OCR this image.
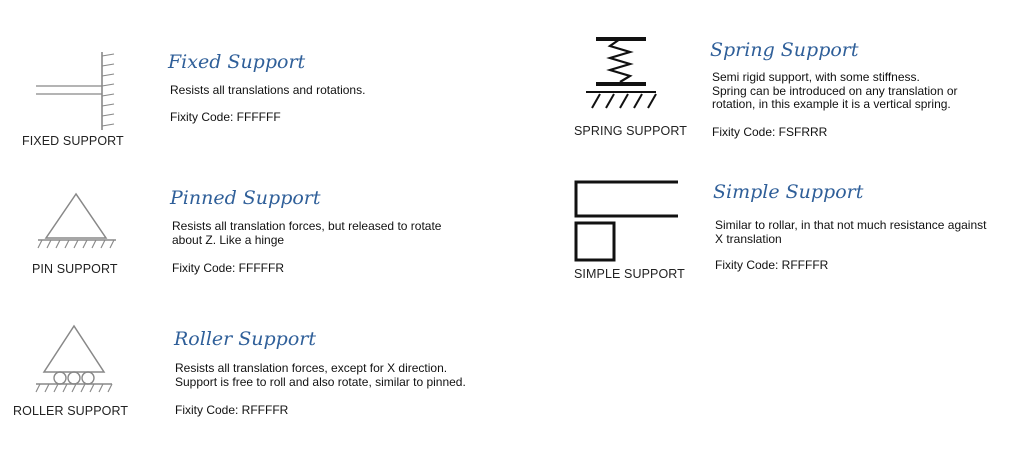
FIXED SUPPORT
Fixed Support
Resists all translations and rotations.
Fixity Code: FFFFFF
PIN SUPPORT
Pinned Support
Resists all translation forces, but released to rotate
about Z. Like a hinge
Fixity Code: FFFFFR
ROLLER SUPPORT
Roller Support
Resists all translation forces, except for X direction.
Support is free to roll and also rotate, similar to pinned.
Fixity Code: RFFFFR
SPRING SUPPORT
Spring Support
Semi rigid support, with some stiffness.
Spring can be introduced on any translation or
rotation, in this example it is a vertical spring.
Fixity Code: FSFRRR
SIMPLE SUPPORT
Simple Support
Similar to rollar, in that not much resistance against
X translation
Fixity Code: RFFFFR
